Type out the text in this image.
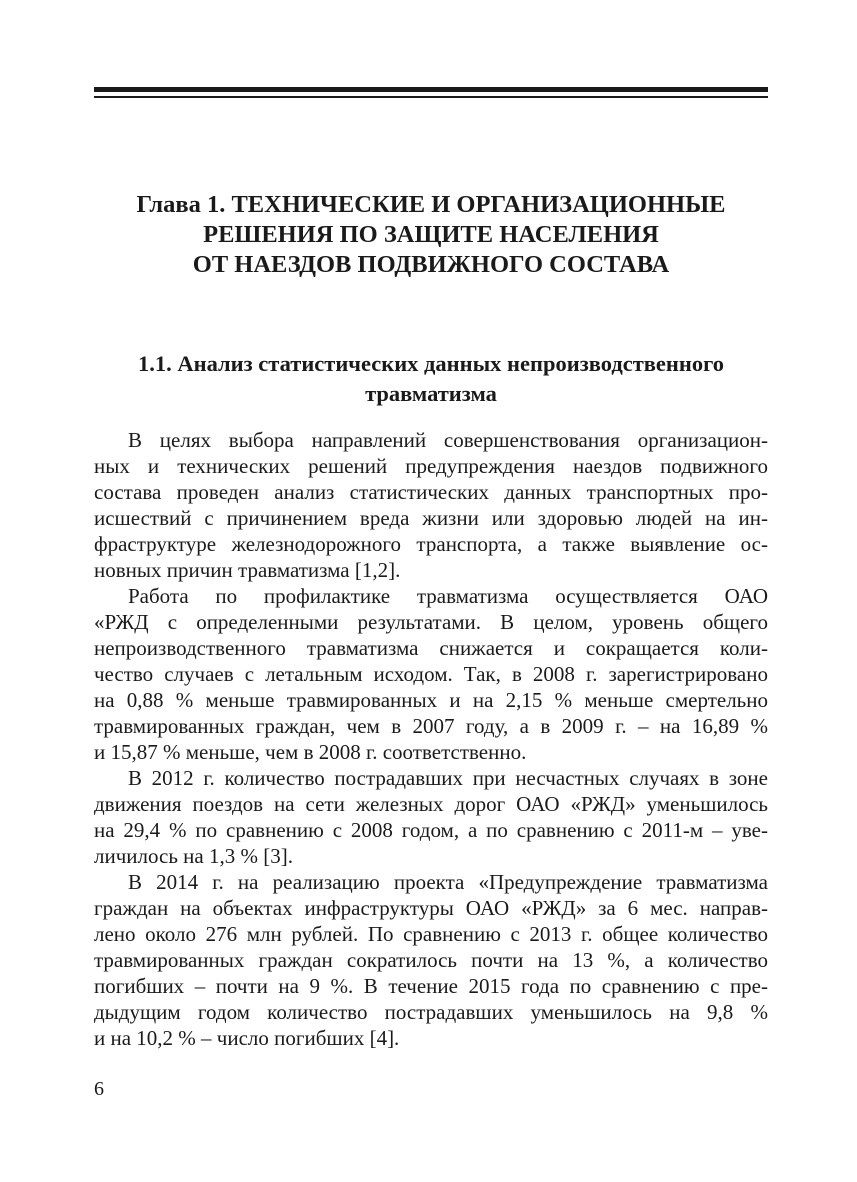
Глава 1. ТЕХНИЧЕСКИЕ И ОРГАНИЗАЦИОННЫЕ
РЕШЕНИЯ ПО ЗАЩИТЕ НАСЕЛЕНИЯ
ОТ НАЕЗДОВ ПОДВИЖНОГО СОСТАВА
1.1. Анализ статистических данных непроизводственного
травматизма

В целях выбора направлений совершенствования организацион-
ных и технических решений предупреждения наездов подвижного
состава проведен анализ статистических данных транспортных про-
исшествий с причинением вреда жизни или здоровью людей на ин-
фраструктуре железнодорожного транспорта, а также выявление ос-
новных причин травматизма [1,2].

Работа по профилактике травматизма осуществляется ОАО
«РЖД с определенными результатами. В целом, уровень общего
непроизводственного травматизма снижается и сокращается коли-
чество случаев с летальным исходом. Так, в 2008 г. зарегистрировано
на 0,88 % меньше травмированных и на 2,15 % меньше смертельно
травмированных граждан, чем в 2007 году, а в 2009 г. – на 16,89 %
и 15,87 % меньше, чем в 2008 г. соответственно.

В 2012 г. количество пострадавших при несчастных случаях в зоне
движения поездов на сети железных дорог ОАО «РЖД» уменьшилось
на 29,4 % по сравнению с 2008 годом, а по сравнению с 2011-м – уве-
личилось на 1,3 % [3].

В 2014 г. на реализацию проекта «Предупреждение травматизма
граждан на объектах инфраструктуры ОАО «РЖД» за 6 мес. направ-
лено около 276 млн рублей. По сравнению с 2013 г. общее количество
травмированных граждан сократилось почти на 13 %, а количество
погибших – почти на 9 %. В течение 2015 года по сравнению с пре-
дыдущим годом количество пострадавших уменьшилось на 9,8 %
и на 10,2 % – число погибших [4].

6
